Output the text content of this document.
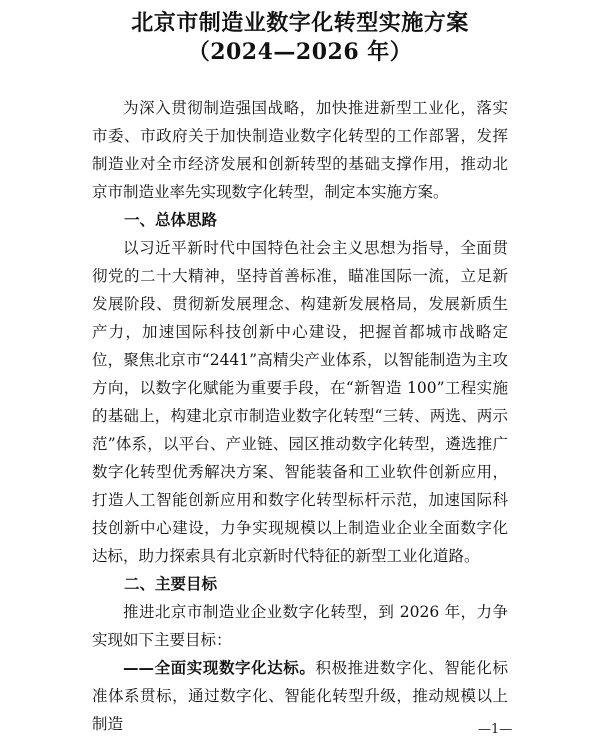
北京市制造业数字化转型实施方案
（2024—2026 年）

为深入贯彻制造强国战略，加快推进新型工业化，落实市委、市政府关于加快制造业数字化转型的工作部署，发挥制造业对全市经济发展和创新转型的基础支撑作用，推动北京市制造业率先实现数字化转型，制定本实施方案。

一、总体思路

以习近平新时代中国特色社会主义思想为指导，全面贯彻党的二十大精神，坚持首善标准，瞄准国际一流，立足新发展阶段、贯彻新发展理念、构建新发展格局，发展新质生产力，加速国际科技创新中心建设，把握首都城市战略定位，聚焦北京市“2441”高精尖产业体系，以智能制造为主攻方向，以数字化赋能为重要手段，在“新智造 100”工程实施的基础上，构建北京市制造业数字化转型“三转、两选、两示范”体系，以平台、产业链、园区推动数字化转型，遴选推广数字化转型优秀解决方案、智能装备和工业软件创新应用，打造人工智能创新应用和数字化转型标杆示范，加速国际科技创新中心建设，力争实现规模以上制造业企业全面数字化达标，助力探索具有北京新时代特征的新型工业化道路。

二、主要目标

推进北京市制造业企业数字化转型，到 2026 年，力争实现如下主要目标：

——全面实现数字化达标。积极推进数字化、智能化标准体系贯标，通过数字化、智能化转型升级，推动规模以上制造	—1—
